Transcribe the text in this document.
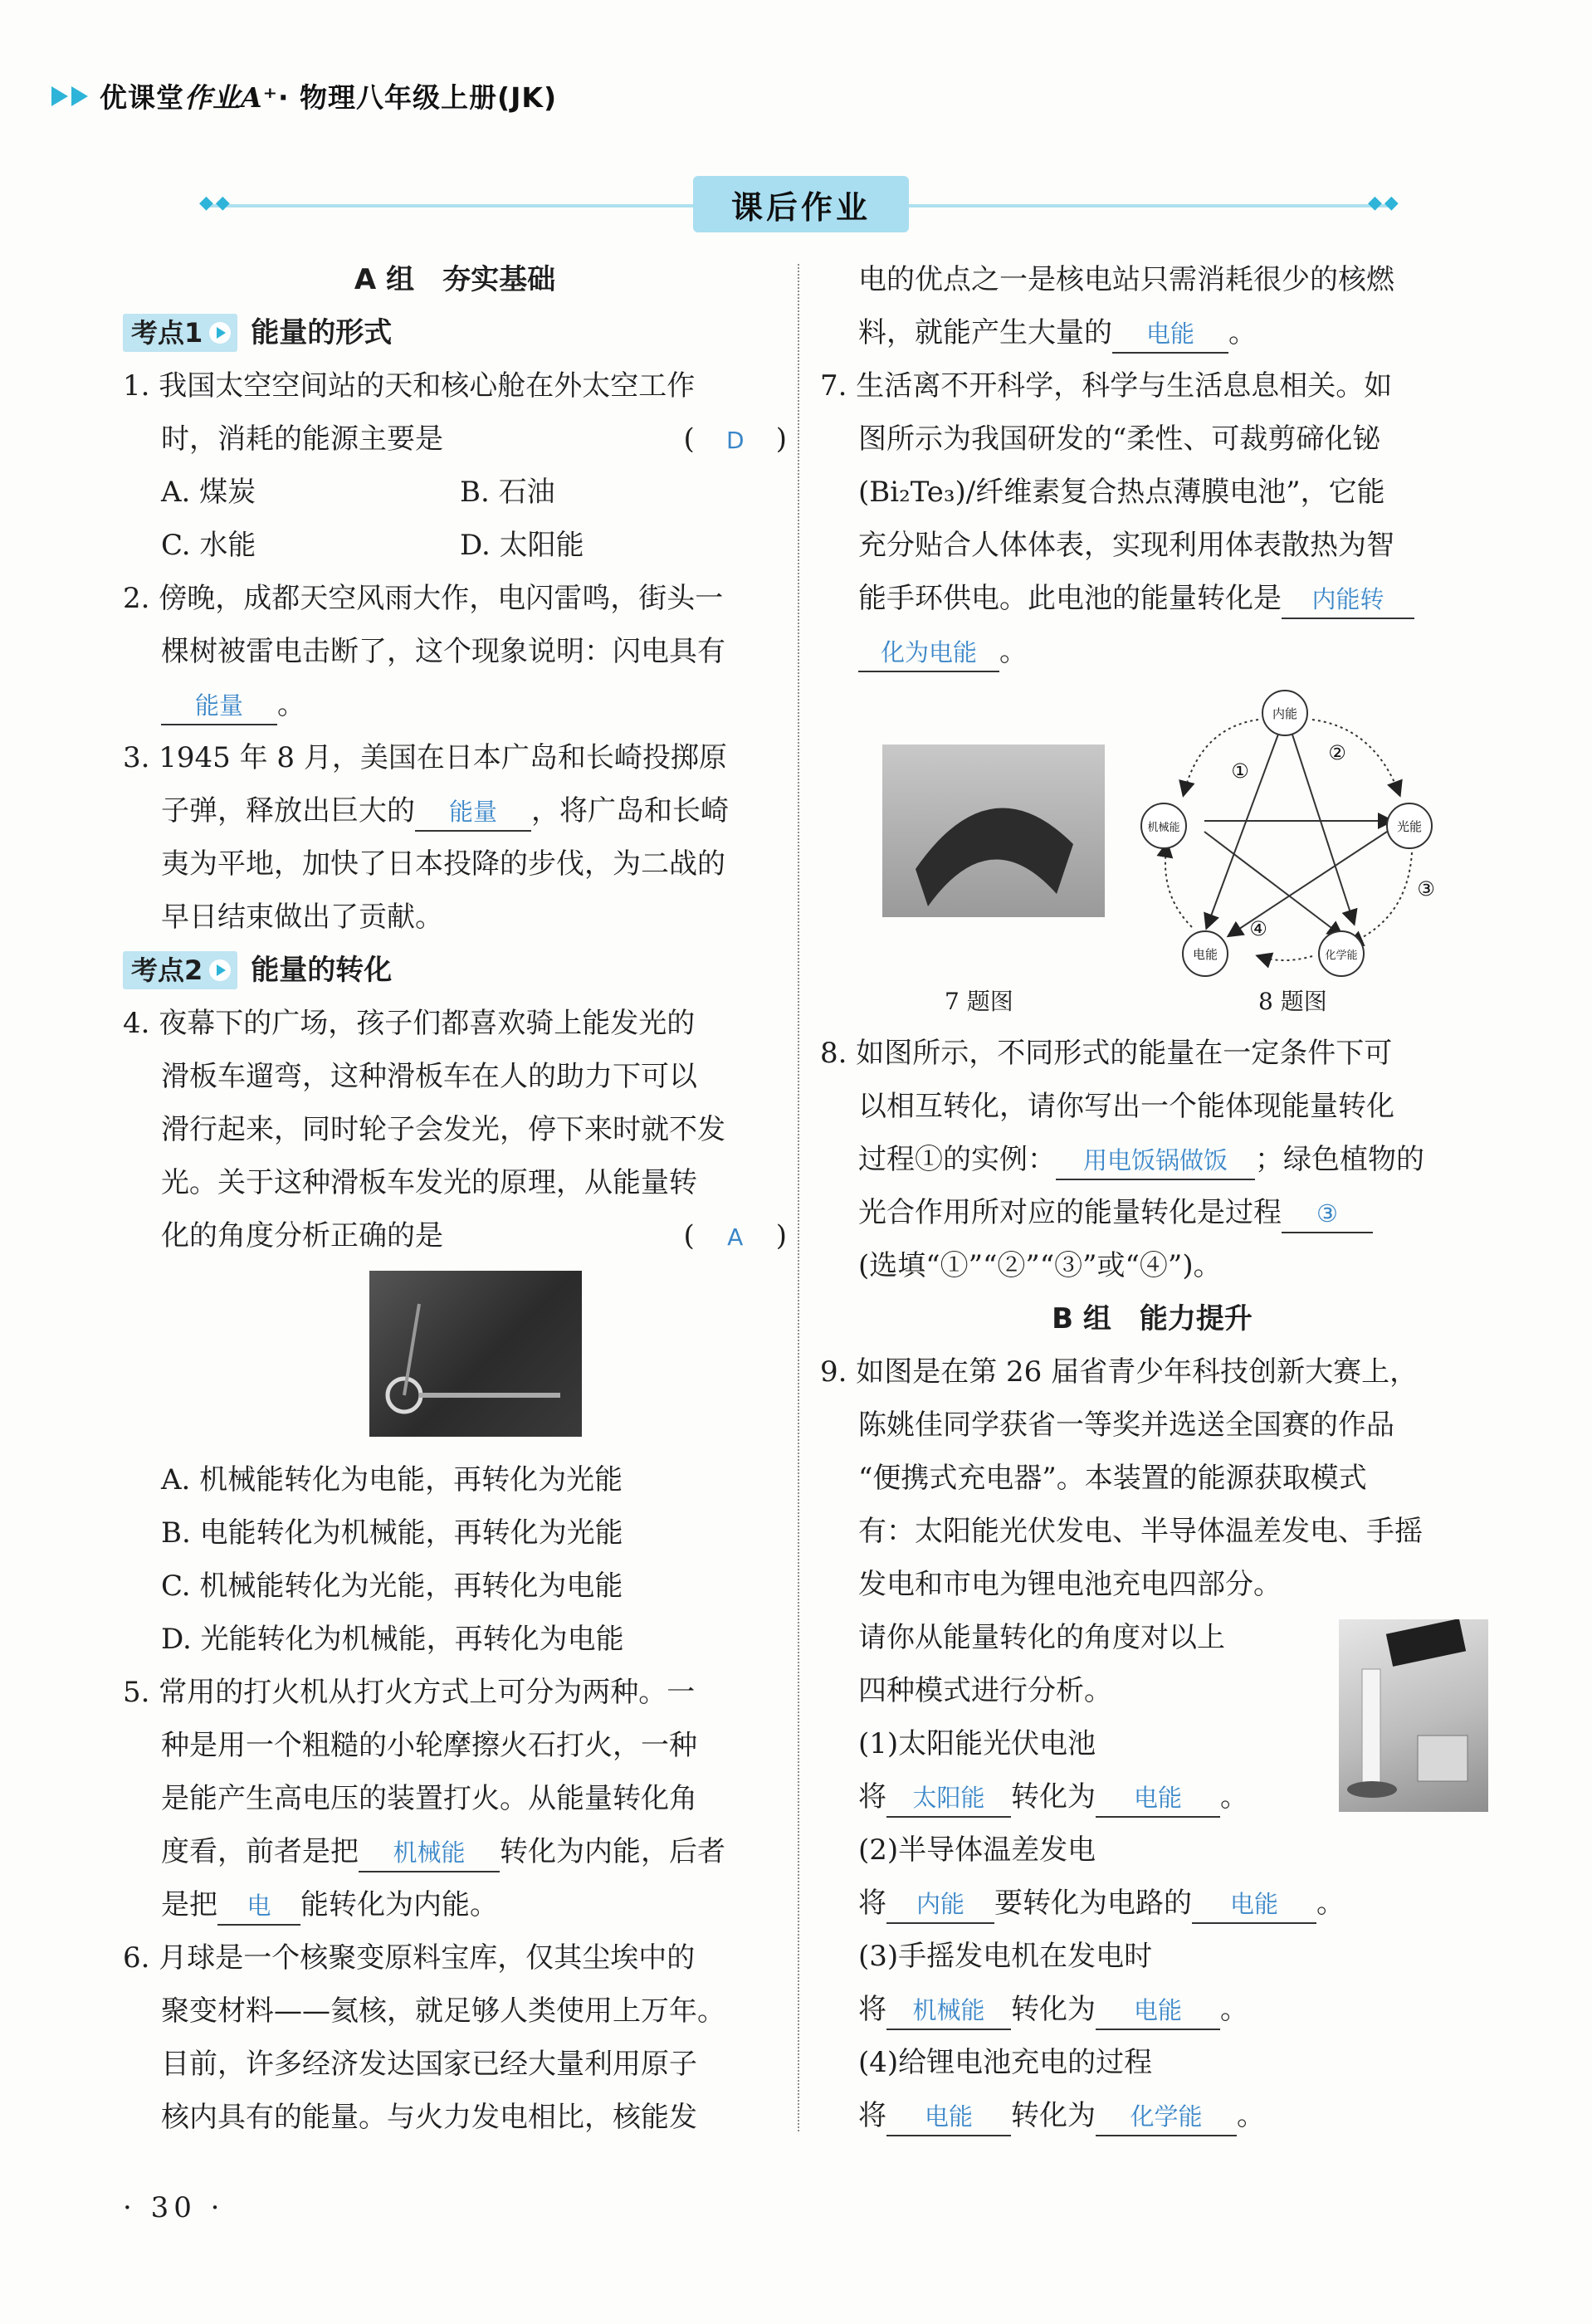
优课堂作业A⁺· 物理八年级上册(JK)
◆◆	◆◆
课后作业

A 组　夯实基础

考点1 能量的形式

1. 我国太空空间站的天和核心舱在外太空工作

时，消耗的能源主要是	(　D　)

A. 煤炭	B. 石油
C. 水能	D. 太阳能

2. 傍晚，成都天空风雨大作，电闪雷鸣，街头一

棵树被雷电击断了，这个现象说明：闪电具有

能量 。

3. 1945 年 8 月，美国在日本广岛和长崎投掷原

子弹，释放出巨大的 能量 ，将广岛和长崎

夷为平地，加快了日本投降的步伐，为二战的

早日结束做出了贡献。

考点2 能量的转化

4. 夜幕下的广场，孩子们都喜欢骑上能发光的

滑板车遛弯，这种滑板车在人的助力下可以

滑行起来，同时轮子会发光，停下来时就不发

光。关于这种滑板车发光的原理，从能量转

化的角度分析正确的是	(　A　)

A. 机械能转化为电能，再转化为光能

B. 电能转化为机械能，再转化为光能

C. 机械能转化为光能，再转化为电能

D. 光能转化为机械能，再转化为电能

5. 常用的打火机从打火方式上可分为两种。一

种是用一个粗糙的小轮摩擦火石打火，一种

是能产生高电压的装置打火。从能量转化角

度看，前者是把 机械能 转化为内能，后者

是把 电 能转化为内能。

6. 月球是一个核聚变原料宝库，仅其尘埃中的

聚变材料——氦核，就足够人类使用上万年。

目前，许多经济发达国家已经大量利用原子

核内具有的能量。与火力发电相比，核能发

电的优点之一是核电站只需消耗很少的核燃

料，就能产生大量的 电能 。

7. 生活离不开科学，科学与生活息息相关。如

图所示为我国研发的“柔性、可裁剪碲化铋

(Bi₂Te₃)/纤维素复合热点薄膜电池”，它能

充分贴合人体体表，实现利用体表散热为智

能手环供电。此电池的能量转化是 内能转

化为电能 。

7 题图

内能
光能
化学能
电能
机械能
①
②
③
④

8 题图

8. 如图所示，不同形式的能量在一定条件下可

以相互转化，请你写出一个能体现能量转化

过程①的实例： 用电饭锅做饭 ；绿色植物的

光合作用所对应的能量转化是过程 ③

(选填“①”“②”“③”或“④”)。

B 组　能力提升

9. 如图是在第 26 届省青少年科技创新大赛上，

陈姚佳同学获省一等奖并选送全国赛的作品

“便携式充电器”。本装置的能源获取模式

有：太阳能光伏发电、半导体温差发电、手摇

发电和市电为锂电池充电四部分。

请你从能量转化的角度对以上

四种模式进行分析。

(1)太阳能光伏电池

将 太阳能 转化为 电能 。

(2)半导体温差发电

将 内能 要转化为电路的 电能 。

(3)手摇发电机在发电时

将 机械能 转化为 电能 。

(4)给锂电池充电的过程

将 电能 转化为 化学能 。

· 30 ·
